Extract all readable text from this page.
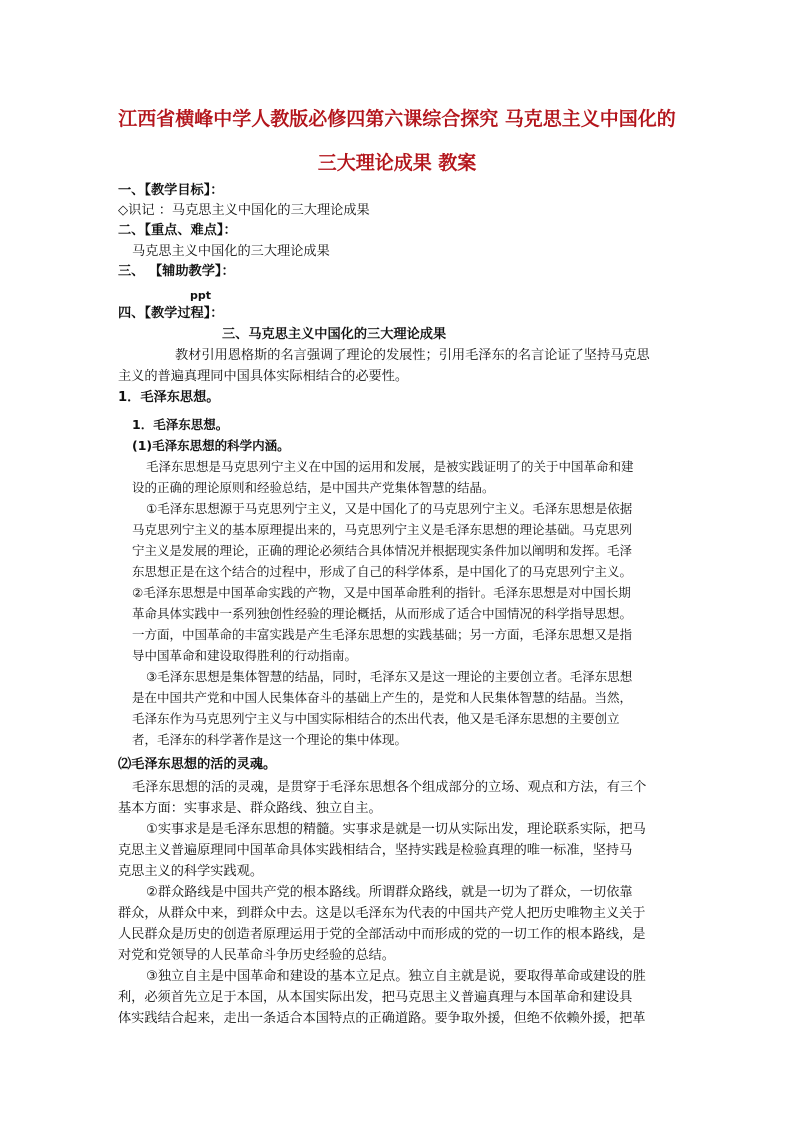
江西省横峰中学人教版必修四第六课综合探究 马克思主义中国化的
三大理论成果 教案
一、【教学目标】：
◇识记 ：马克思主义中国化的三大理论成果
二、【重点、难点】：
马克思主义中国化的三大理论成果
三、 【辅助教学】：
ppt
四、【教学过程】：
三、马克思主义中国化的三大理论成果
教材引用恩格斯的名言强调了理论的发展性；引用毛泽东的名言论证了坚持马克思
主义的普遍真理同中国具体实际相结合的必要性。
1．毛泽东思想。
1．毛泽东思想。
(1)毛泽东思想的科学内涵。
毛泽东思想是马克思列宁主义在中国的运用和发展，是被实践证明了的关于中国革命和建
设的正确的理论原则和经验总结，是中国共产党集体智慧的结晶。
①毛泽东思想源于马克思列宁主义，又是中国化了的马克思列宁主义。毛泽东思想是依据
马克思列宁主义的基本原理提出来的，马克思列宁主义是毛泽东思想的理论基础。马克思列
宁主义是发展的理论，正确的理论必须结合具体情况并根据现实条件加以阐明和发挥。毛泽
东思想正是在这个结合的过程中，形成了自己的科学体系，是中国化了的马克思列宁主义。
②毛泽东思想是中国革命实践的产物，又是中国革命胜利的指针。毛泽东思想是对中国长期
革命具体实践中一系列独创性经验的理论概括，从而形成了适合中国情况的科学指导思想。
一方面，中国革命的丰富实践是产生毛泽东思想的实践基础；另一方面，毛泽东思想又是指
导中国革命和建设取得胜利的行动指南。
③毛泽东思想是集体智慧的结晶，同时，毛泽东又是这一理论的主要创立者。毛泽东思想
是在中国共产党和中国人民集体奋斗的基础上产生的，是党和人民集体智慧的结晶。当然，
毛泽东作为马克思列宁主义与中国实际相结合的杰出代表，他又是毛泽东思想的主要创立
者，毛泽东的科学著作是这一个理论的集中体现。
⑵毛泽东思想的活的灵魂。
毛泽东思想的活的灵魂，是贯穿于毛泽东思想各个组成部分的立场、观点和方法，有三个
基本方面：实事求是、群众路线、独立自主。
①实事求是是毛泽东思想的精髓。实事求是就是一切从实际出发，理论联系实际，把马
克思主义普遍原理同中国革命具体实践相结合，坚持实践是检验真理的唯一标准，坚持马
克思主义的科学实践观。
②群众路线是中国共产党的根本路线。所谓群众路线，就是一切为了群众，一切依靠
群众，从群众中来，到群众中去。这是以毛泽东为代表的中国共产党人把历史唯物主义关于
人民群众是历史的创造者原理运用于党的全部活动中而形成的党的一切工作的根本路线，是
对党和党领导的人民革命斗争历史经验的总结。
③独立自主是中国革命和建设的基本立足点。独立自主就是说，要取得革命或建设的胜
利，必须首先立足于本国，从本国实际出发，把马克思主义普遍真理与本国革命和建设具
体实践结合起来，走出一条适合本国特点的正确道路。要争取外援，但绝不依赖外援，把革
